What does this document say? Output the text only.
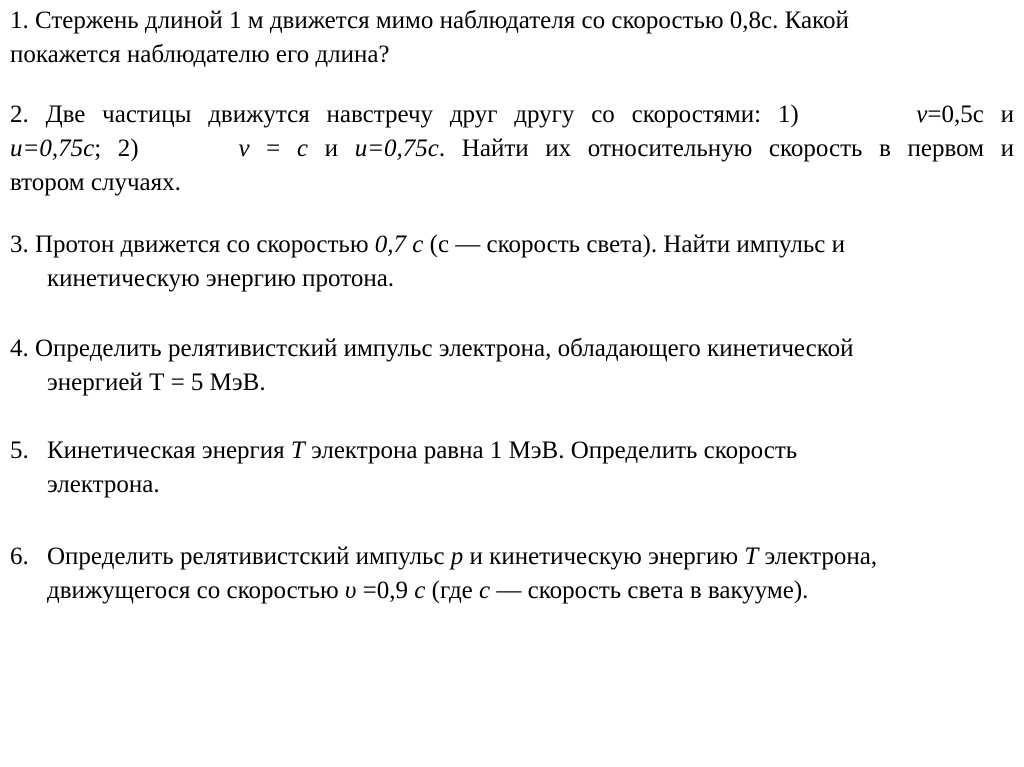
1. Стержень длиной 1 м движется мимо наблюдателя со скоростью 0,8с. Какой
покажется наблюдателю его длина?
2. Две частицы движутся навстречу друг другу со скоростями: 1)	v=0,5с и
u=0,75c; 2)	v = c и u=0,75c. Найти их относительную скорость в первом и
втором случаях.
3. Протон движется со скоростью 0,7 с (с — скорость света). Найти импульс и
кинетическую энергию протона.
4. Определить релятивистский импульс электрона, обладающего кинетической
энергией Т = 5 МэВ.
5. Кинетическая энергия T электрона равна 1 МэВ. Определить скорость
электрона.
6. Определить релятивистский импульс p и кинетическую энергию T электрона,
движущегося со скоростью υ =0,9 c (где c — скорость света в вакууме).
